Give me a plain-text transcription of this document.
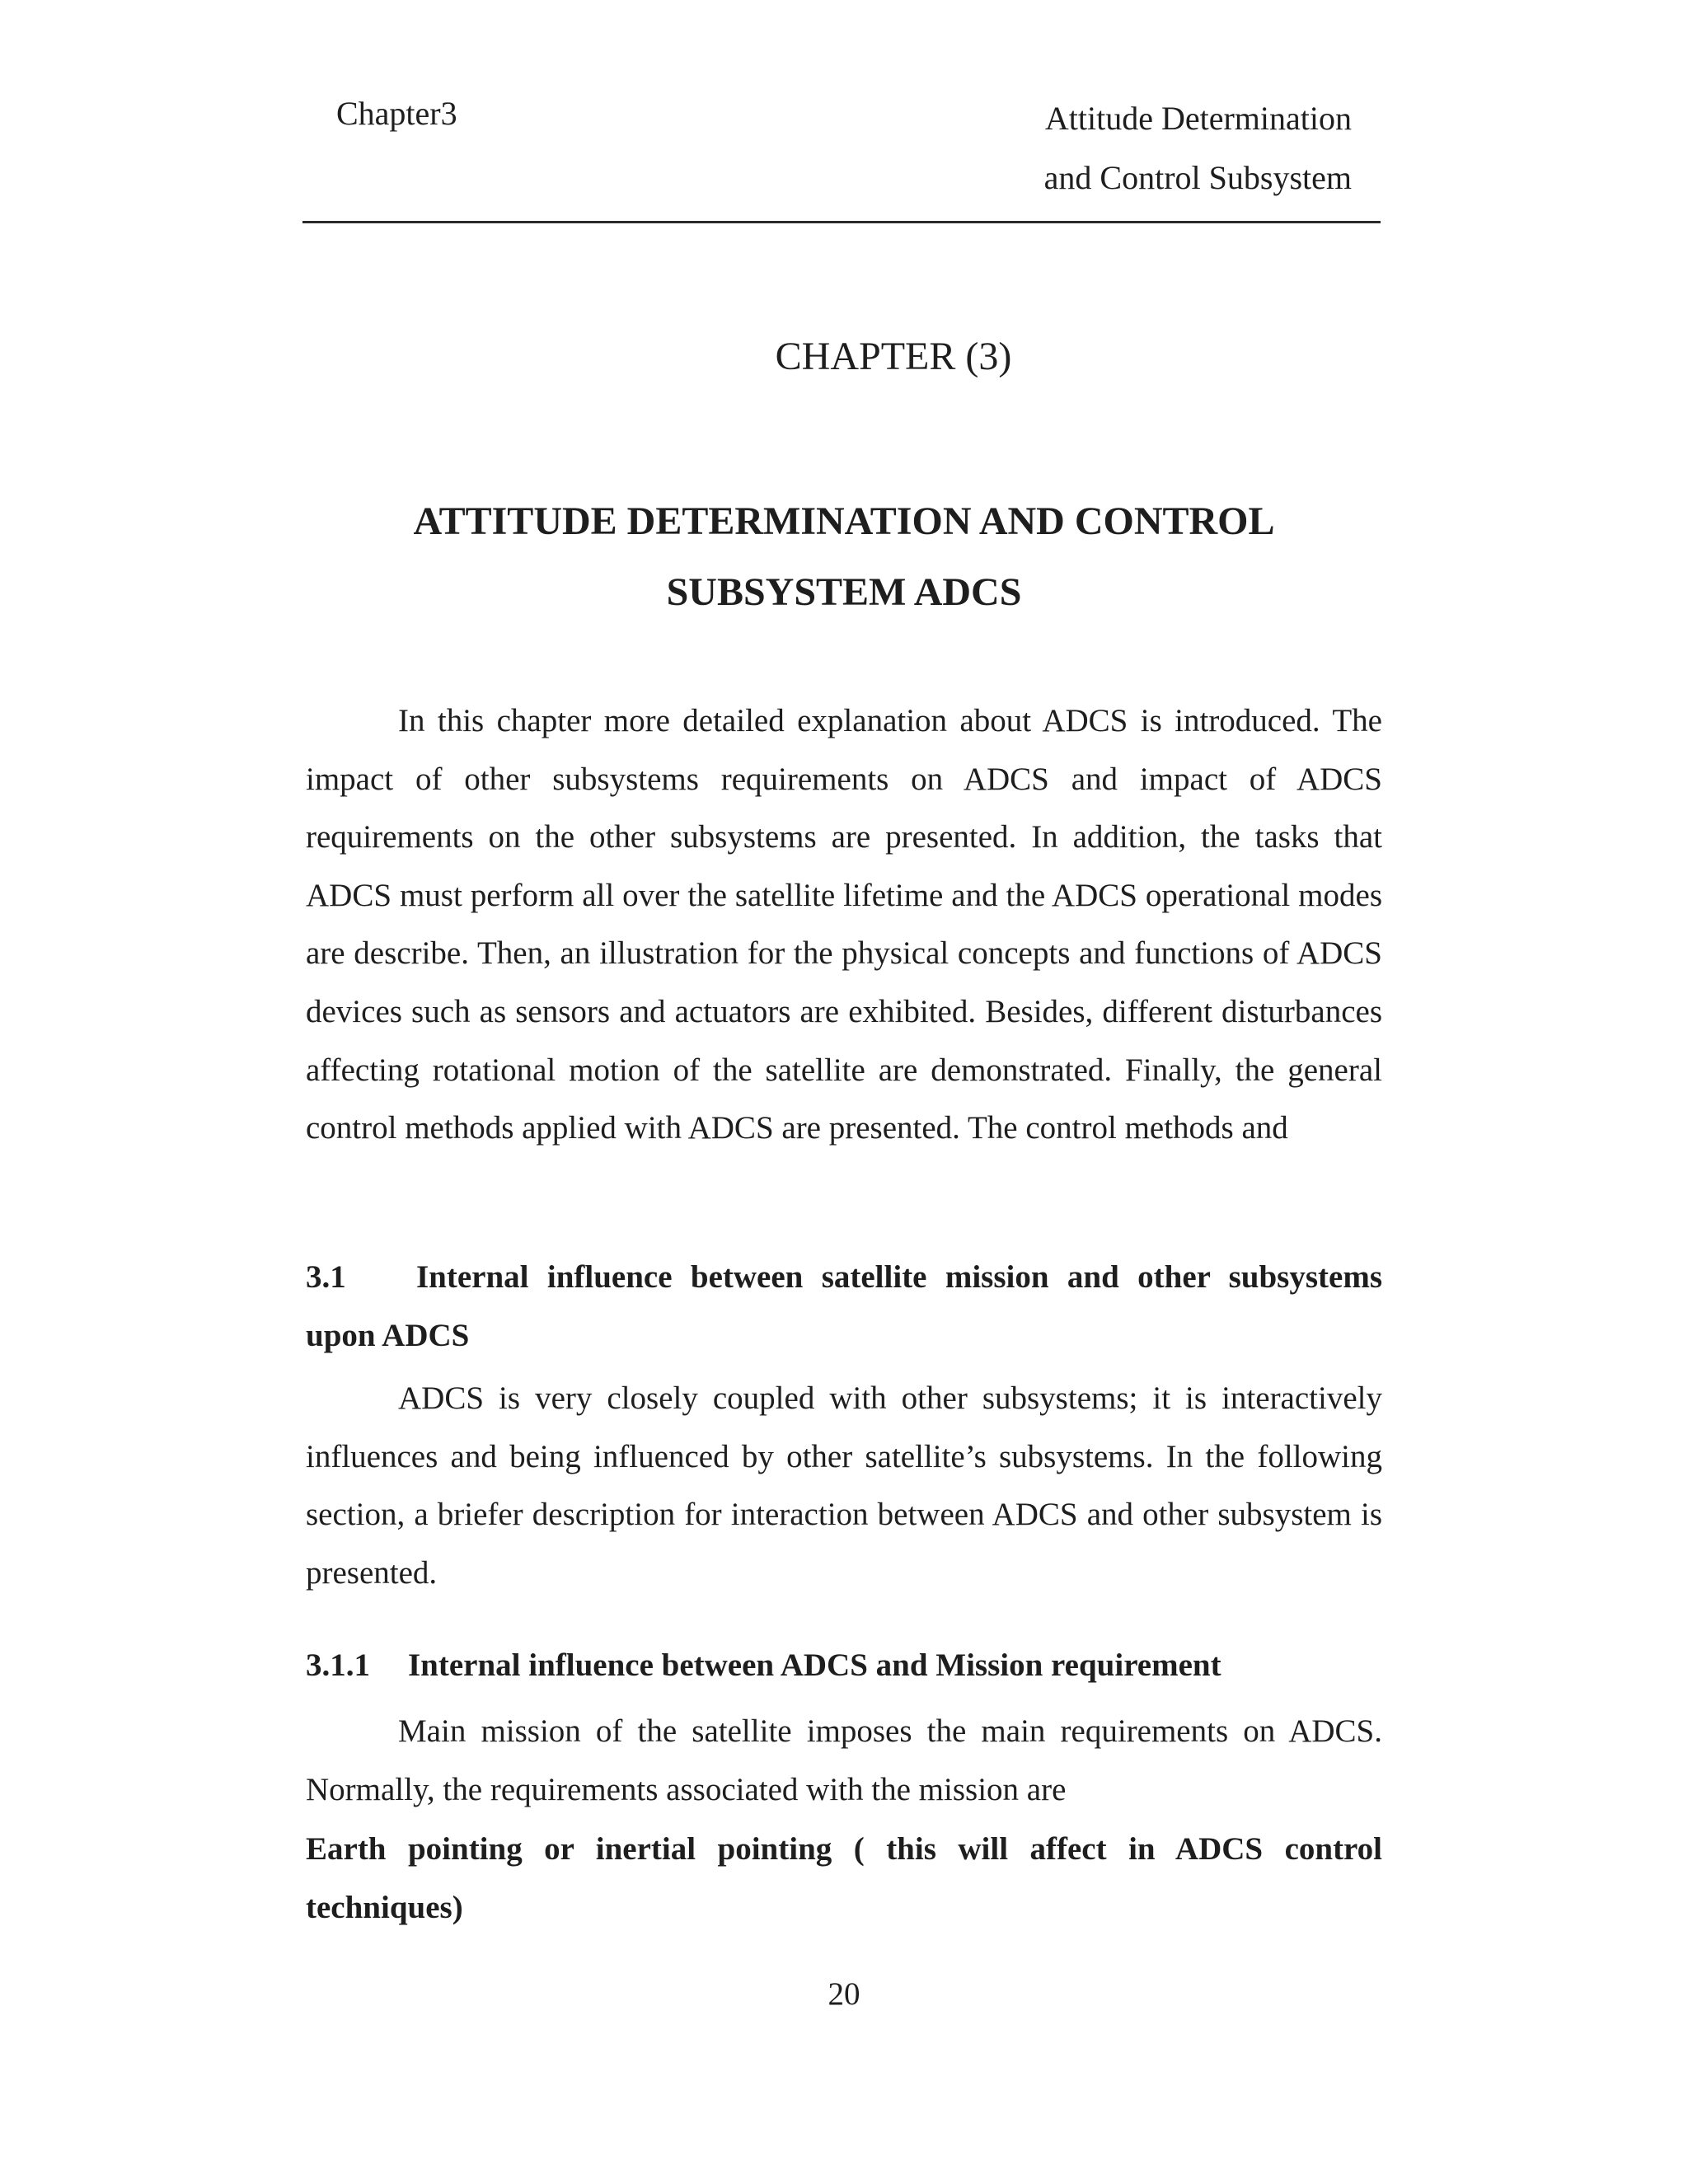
Chapter3	Attitude Determination
and Control Subsystem
CHAPTER (3)
ATTITUDE DETERMINATION AND CONTROL
SUBSYSTEM ADCS

In this chapter more detailed explanation about ADCS is introduced. The impact of other subsystems requirements on ADCS and impact of ADCS requirements on the other subsystems are presented. In addition, the tasks that ADCS must perform all over the satellite lifetime and the ADCS operational modes are describe. Then, an illustration for the physical concepts and functions of ADCS devices such as sensors and actuators are exhibited. Besides, different disturbances affecting rotational motion of the satellite are demonstrated. Finally, the general control methods applied with ADCS are presented. The control methods and

3.1 Internal influence between satellite mission and other subsystems upon ADCS

ADCS is very closely coupled with other subsystems; it is interactively influences and being influenced by other satellite’s subsystems. In the following section, a briefer description for interaction between ADCS and other subsystem is presented.

3.1.1 Internal influence between ADCS and Mission requirement

Main mission of the satellite imposes the main requirements on ADCS. Normally, the requirements associated with the mission are

Earth pointing or inertial pointing ( this will affect in ADCS control techniques)
20
